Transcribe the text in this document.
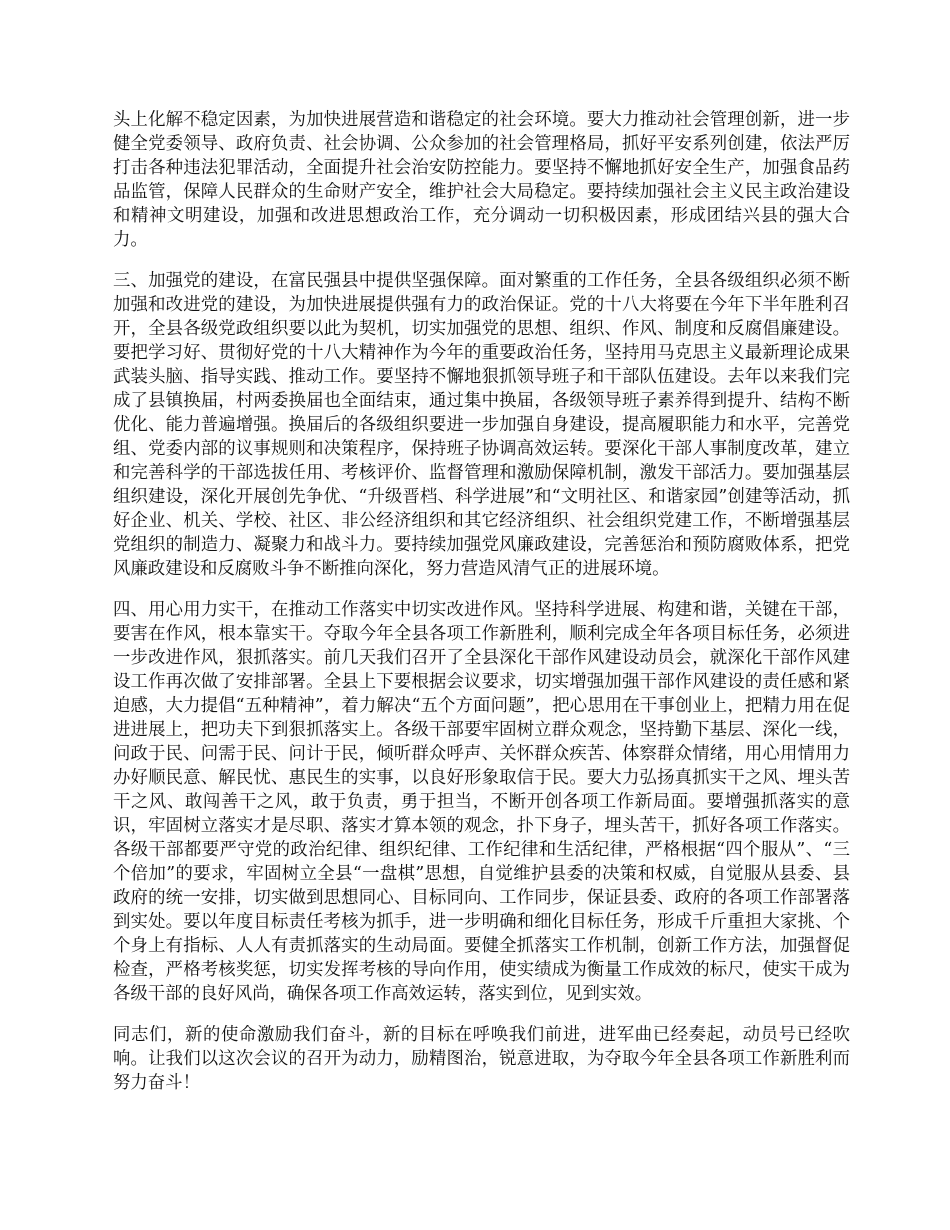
头上化解不稳定因素，为加快进展营造和谐稳定的社会环境。要大力推动社会管理创新，进一步健全党委领导、政府负责、社会协调、公众参加的社会管理格局，抓好平安系列创建，依法严厉打击各种违法犯罪活动，全面提升社会治安防控能力。要坚持不懈地抓好安全生产，加强食品药品监管，保障人民群众的生命财产安全，维护社会大局稳定。要持续加强社会主义民主政治建设和精神文明建设，加强和改进思想政治工作，充分调动一切积极因素，形成团结兴县的强大合力。

三、加强党的建设，在富民强县中提供坚强保障。面对繁重的工作任务，全县各级组织必须不断加强和改进党的建设，为加快进展提供强有力的政治保证。党的十八大将要在今年下半年胜利召开，全县各级党政组织要以此为契机，切实加强党的思想、组织、作风、制度和反腐倡廉建设。要把学习好、贯彻好党的十八大精神作为今年的重要政治任务，坚持用马克思主义最新理论成果武装头脑、指导实践、推动工作。要坚持不懈地狠抓领导班子和干部队伍建设。去年以来我们完成了县镇换届，村两委换届也全面结束，通过集中换届，各级领导班子素养得到提升、结构不断优化、能力普遍增强。换届后的各级组织要进一步加强自身建设，提高履职能力和水平，完善党组、党委内部的议事规则和决策程序，保持班子协调高效运转。要深化干部人事制度改革，建立和完善科学的干部选拔任用、考核评价、监督管理和激励保障机制，激发干部活力。要加强基层组织建设，深化开展创先争优、“升级晋档、科学进展”和“文明社区、和谐家园”创建等活动，抓好企业、机关、学校、社区、非公经济组织和其它经济组织、社会组织党建工作，不断增强基层党组织的制造力、凝聚力和战斗力。要持续加强党风廉政建设，完善惩治和预防腐败体系，把党风廉政建设和反腐败斗争不断推向深化，努力营造风清气正的进展环境。

四、用心用力实干，在推动工作落实中切实改进作风。坚持科学进展、构建和谐，关键在干部，要害在作风，根本靠实干。夺取今年全县各项工作新胜利，顺利完成全年各项目标任务，必须进一步改进作风，狠抓落实。前几天我们召开了全县深化干部作风建设动员会，就深化干部作风建设工作再次做了安排部署。全县上下要根据会议要求，切实增强加强干部作风建设的责任感和紧迫感，大力提倡“五种精神”，着力解决“五个方面问题”，把心思用在干事创业上，把精力用在促进进展上，把功夫下到狠抓落实上。各级干部要牢固树立群众观念，坚持勤下基层、深化一线，问政于民、问需于民、问计于民，倾听群众呼声、关怀群众疾苦、体察群众情绪，用心用情用力办好顺民意、解民忧、惠民生的实事，以良好形象取信于民。要大力弘扬真抓实干之风、埋头苦干之风、敢闯善干之风，敢于负责，勇于担当，不断开创各项工作新局面。要增强抓落实的意识，牢固树立落实才是尽职、落实才算本领的观念，扑下身子，埋头苦干，抓好各项工作落实。各级干部都要严守党的政治纪律、组织纪律、工作纪律和生活纪律，严格根据“四个服从”、“三个倍加”的要求，牢固树立全县“一盘棋”思想，自觉维护县委的决策和权威，自觉服从县委、县政府的统一安排，切实做到思想同心、目标同向、工作同步，保证县委、政府的各项工作部署落到实处。要以年度目标责任考核为抓手，进一步明确和细化目标任务，形成千斤重担大家挑、个个身上有指标、人人有责抓落实的生动局面。要健全抓落实工作机制，创新工作方法，加强督促检查，严格考核奖惩，切实发挥考核的导向作用，使实绩成为衡量工作成效的标尺，使实干成为各级干部的良好风尚，确保各项工作高效运转，落实到位，见到实效。

同志们，新的使命激励我们奋斗，新的目标在呼唤我们前进，进军曲已经奏起，动员号已经吹响。让我们以这次会议的召开为动力，励精图治，锐意进取，为夺取今年全县各项工作新胜利而努力奋斗！
